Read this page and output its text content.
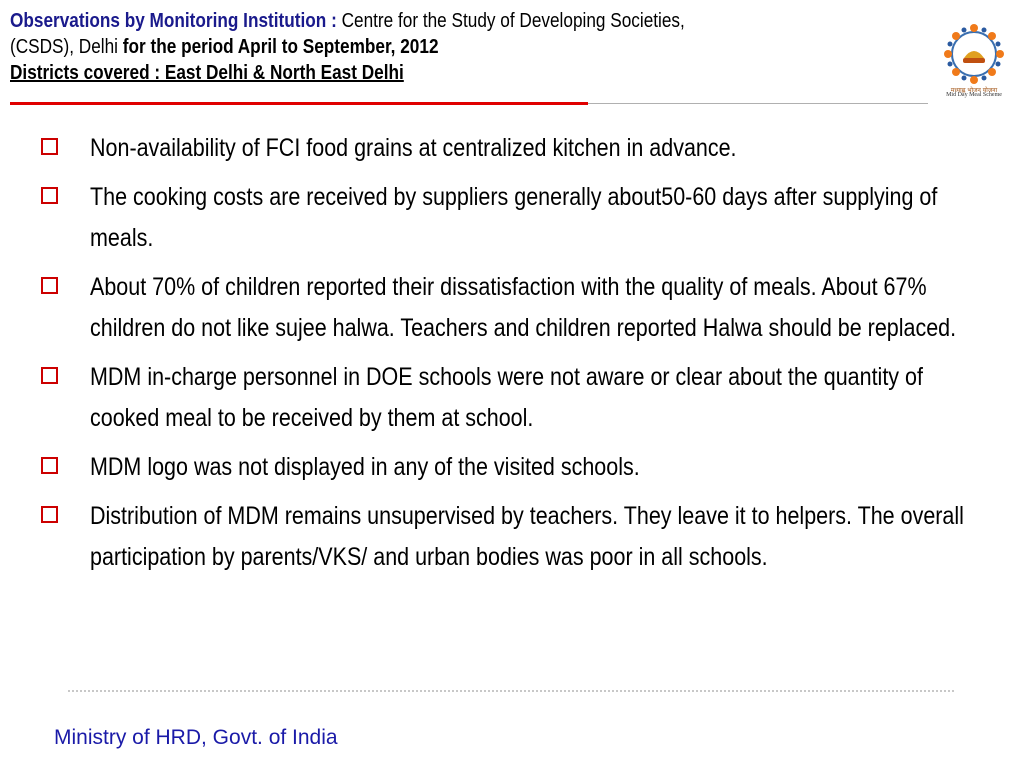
Observations by Monitoring Institution : Centre for the Study of Developing Societies,
(CSDS), Delhi for the period April to September, 2012
Districts covered : East Delhi & North East Delhi
मध्याह्न भोजन योजना
Mid Day Meal Scheme
Non-availability of FCI food grains at centralized kitchen in advance.
The cooking costs are received by suppliers generally about50-60 days after supplying of meals.
About 70% of children reported their dissatisfaction with the quality of meals. About 67% children do not like sujee halwa. Teachers and children reported Halwa should be replaced.
MDM in-charge personnel in DOE schools were not aware or clear about the quantity of cooked meal to be received by them at school.
MDM logo was not displayed in any of the visited schools.
Distribution of MDM remains unsupervised by teachers. They leave it to helpers. The overall participation by parents/VKS/ and urban bodies was poor in all schools.
Ministry of HRD, Govt. of India
